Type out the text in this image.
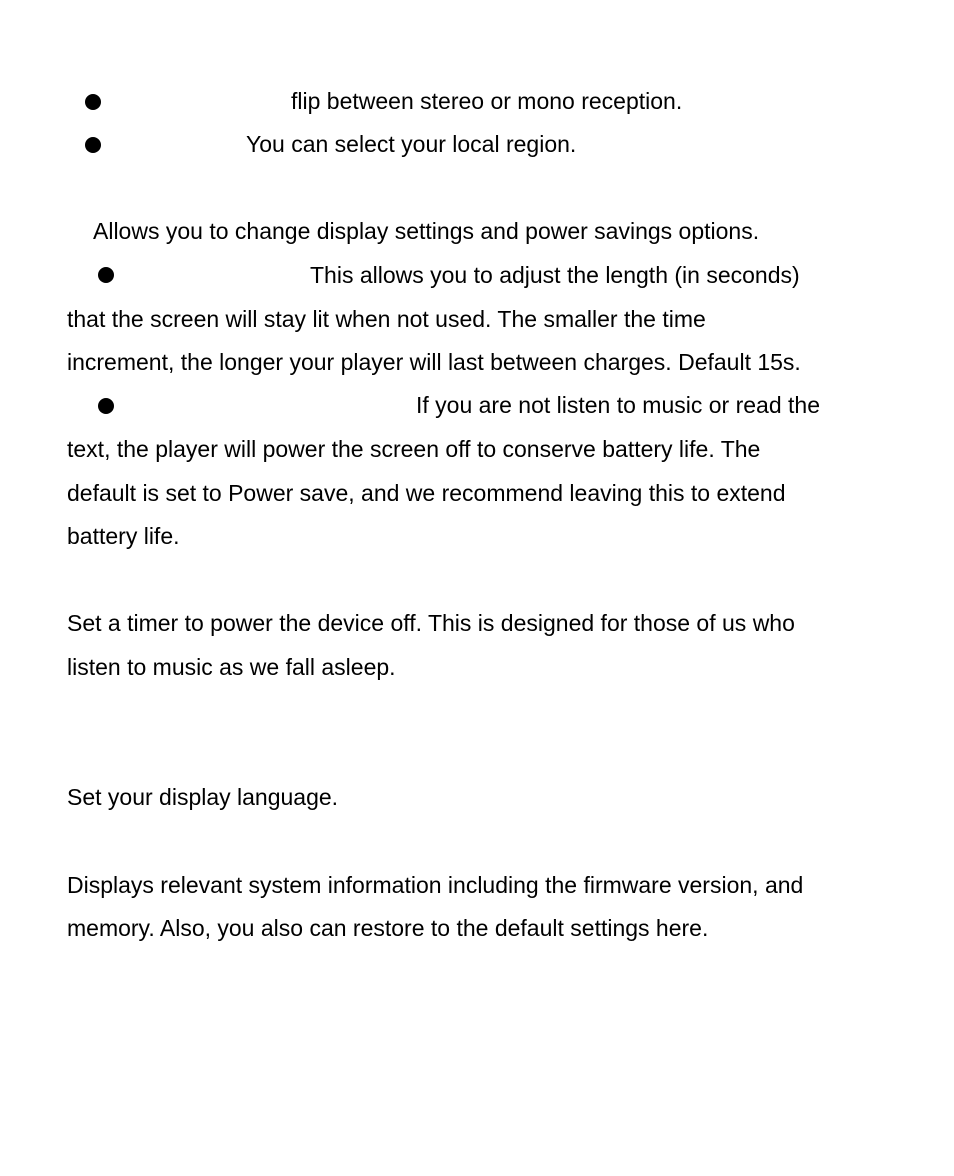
flip between stereo or mono reception.
You can select your local region.
Allows you to change display settings and power savings options.
This allows you to adjust the length (in seconds)
that the screen will stay lit when not used. The smaller the time
increment, the longer your player will last between charges. Default 15s.
If you are not listen to music or read the
text, the player will power the screen off to conserve battery life. The
default is set to Power save, and we recommend leaving this to extend
battery life.
Set a timer to power the device off. This is designed for those of us who
listen to music as we fall asleep.
Set your display language.
Displays relevant system information including the firmware version, and
memory. Also, you also can restore to the default settings here.
